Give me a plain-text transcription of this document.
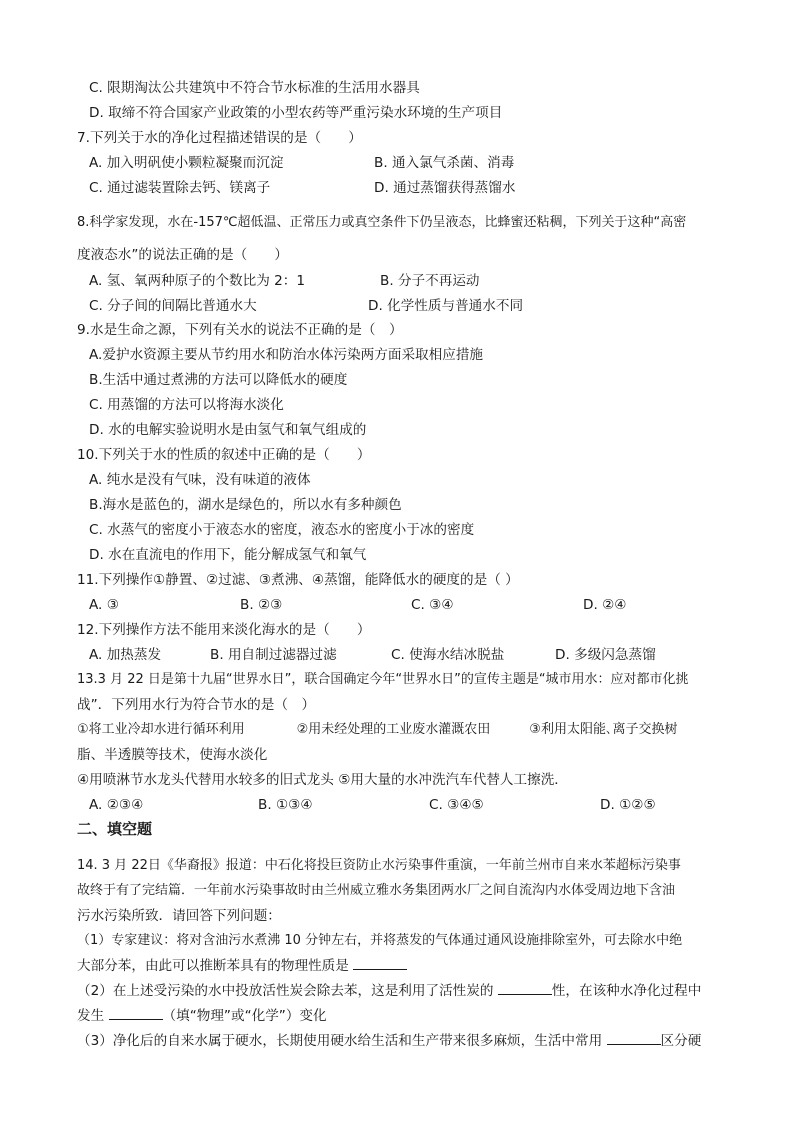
C. 限期淘汰公共建筑中不符合节水标准的生活用水器具
D. 取缔不符合国家产业政策的小型农药等严重污染水环境的生产项目
7.下列关于水的净化过程描述错误的是（　　）
A. 加入明矾使小颗粒凝聚而沉淀	B. 通入氯气杀菌、消毒
C. 通过滤装置除去钙、镁离子	D. 通过蒸馏获得蒸馏水
8.科学家发现，水在-157℃超低温、正常压力或真空条件下仍呈液态，比蜂蜜还粘稠，下列关于这种“高密
度液态水”的说法正确的是（　　）
A. 氢、氧两种原子的个数比为 2：1	B. 分子不再运动
C. 分子间的间隔比普通水大	D. 化学性质与普通水不同
9.水是生命之源，下列有关水的说法不正确的是（　）
A.爱护水资源主要从节约用水和防治水体污染两方面采取相应措施
B.生活中通过煮沸的方法可以降低水的硬度
C. 用蒸馏的方法可以将海水淡化
D. 水的电解实验说明水是由氢气和氧气组成的
10.下列关于水的性质的叙述中正确的是（　　）
A. 纯水是没有气味，没有味道的液体
B.海水是蓝色的，湖水是绿色的，所以水有多种颜色
C. 水蒸气的密度小于液态水的密度，液态水的密度小于冰的密度
D. 水在直流电的作用下，能分解成氢气和氧气
11.下列操作①静置、②过滤、③煮沸、④蒸馏，能降低水的硬度的是（ ）
A. ③	B. ②③	C. ③④	D. ②④
12.下列操作方法不能用来淡化海水的是（　　）
A. 加热蒸发	B. 用自制过滤器过滤	C. 使海水结冰脱盐	D. 多级闪急蒸馏
13.3 月 22 日是第十九届“世界水日”，联合国确定今年“世界水日”的宣传主题是“城市用水：应对都市化挑
战”．下列用水行为符合节水的是（　）
①将工业冷却水进行循环利用　　　　②用未经处理的工业废水灌溉农田　　　③利用太阳能､离子交换树
脂、半透膜等技术，使海水淡化
④用喷淋节水龙头代替用水较多的旧式龙头 ⑤用大量的水冲洗汽车代替人工擦洗．
A. ②③④	B. ①③④	C. ③④⑤	D. ①②⑤
二、填空题
14. 3 月 22日《华裔报》报道：中石化将投巨资防止水污染事件重演，一年前兰州市自来水苯超标污染事
故终于有了完结篇．一年前水污染事故时由兰州威立雅水务集团两水厂之间自流沟内水体受周边地下含油
污水污染所致．请回答下列问题：
（1）专家建议：将对含油污水煮沸 10 分钟左右，并将蒸发的气体通过通风设施排除室外，可去除水中绝
大部分苯，由此可以推断苯具有的物理性质是
（2）在上述受污染的水中投放活性炭会除去苯，这是利用了活性炭的	性，在该种水净化过程中
发生	（填“物理”或“化学”）变化
（3）净化后的自来水属于硬水，长期使用硬水给生活和生产带来很多麻烦，生活中常用	区分硬
